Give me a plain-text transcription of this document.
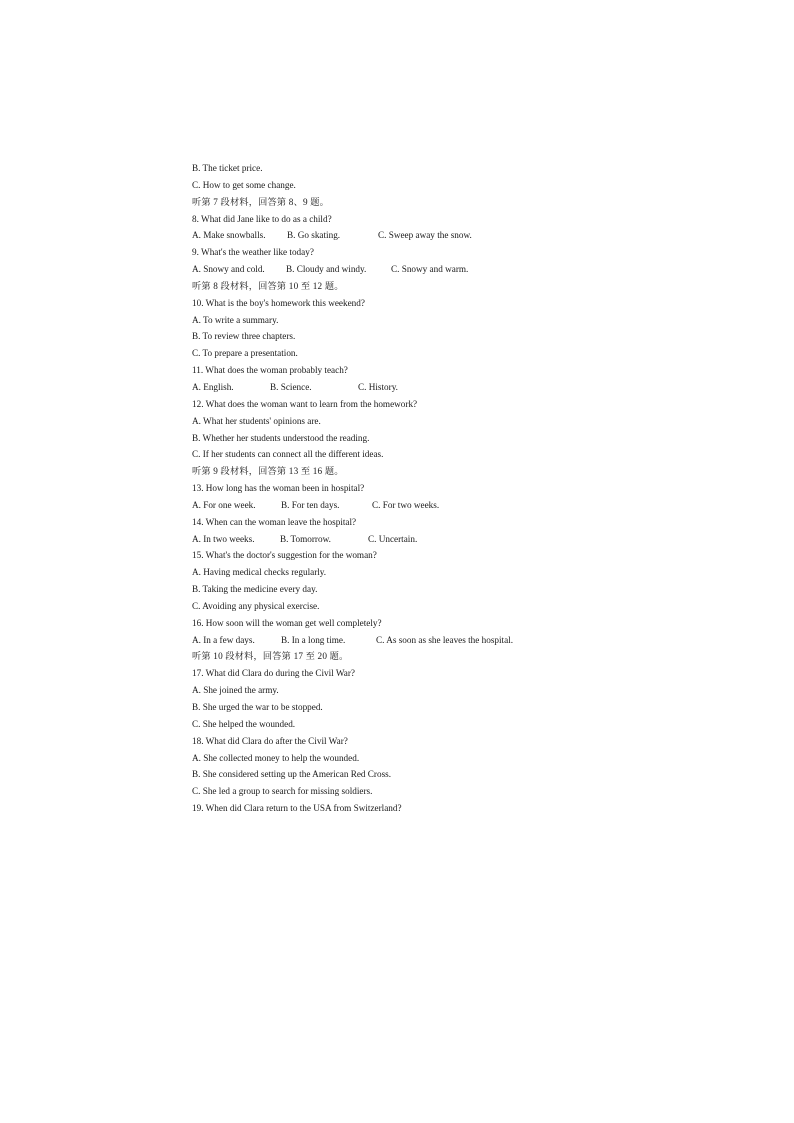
B. The ticket price.
C. How to get some change.
听第 7 段材料，回答第 8、9 题。
8. What did Jane like to do as a child?
A. Make snowballs. B. Go skating.	C. Sweep away the snow.
9. What's the weather like today?
A. Snowy and cold. B. Cloudy and windy.	C. Snowy and warm.
听第 8 段材料，回答第 10 至 12 题。
10. What is the boy's homework this weekend?
A. To write a summary.
B. To review three chapters.
C. To prepare a presentation.
11. What does the woman probably teach?
A. English.	B. Science.	C. History.
12. What does the woman want to learn from the homework?
A. What her students' opinions are.
B. Whether her students understood the reading.
C. If her students can connect all the different ideas.
听第 9 段材料，回答第 13 至 16 题。
13. How long has the woman been in hospital?
A. For one week.	B. For ten days.	C. For two weeks.
14. When can the woman leave the hospital?
A. In two weeks.	B. Tomorrow.	C. Uncertain.
15. What's the doctor's suggestion for the woman?
A. Having medical checks regularly.
B. Taking the medicine every day.
C. Avoiding any physical exercise.
16. How soon will the woman get well completely?
A. In a few days.	B. In a long time.	C. As soon as she leaves the hospital.
听第 10 段材料，回答第 17 至 20 题。
17. What did Clara do during the Civil War?
A. She joined the army.
B. She urged the war to be stopped.
C. She helped the wounded.
18. What did Clara do after the Civil War?
A. She collected money to help the wounded.
B. She considered setting up the American Red Cross.
C. She led a group to search for missing soldiers.
19. When did Clara return to the USA from Switzerland?
